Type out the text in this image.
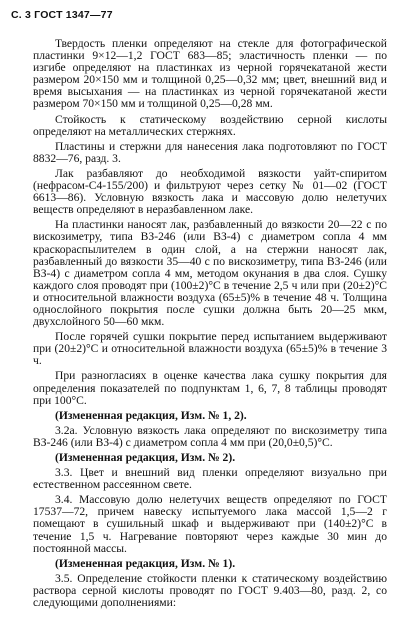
С. 3 ГОСТ 1347—77

Твердость пленки определяют на стекле для фотографической пластинки 9×12—1,2 ГОСТ 683—85; эластичность пленки — по изгибе определяют на пластинках из черной горячекатаной жести размером 20×150 мм и толщиной 0,25—0,32 мм; цвет, внешний вид и время высыхания — на пластинках из черной горячекатаной жести размером 70×150 мм и толщиной 0,25—0,28 мм.

Стойкость к статическому воздействию серной кислоты определяют на металлических стержнях.

Пластины и стержни для нанесения лака подготовляют по ГОСТ 8832—76, разд. 3.

Лак разбавляют до необходимой вязкости уайт-спиритом (нефрасом-С4-155/200) и фильтруют через сетку № 01—02 (ГОСТ 6613—86). Условную вязкость лака и массовую долю нелетучих веществ определяют в неразбавленном лаке.

На пластинки наносят лак, разбавленный до вязкости 20—22 с по вискозиметру, типа ВЗ-246 (или ВЗ-4) с диаметром сопла 4 мм краскораспылителем в один слой, а на стержни наносят лак, разбавленный до вязкости 35—40 с по вискозиметру, типа ВЗ-246 (или ВЗ-4) с диаметром сопла 4 мм, методом окунания в два слоя. Сушку каждого слоя проводят при (100±2)°С в течение 2,5 ч или при (20±2)°С и относительной влажности воздуха (65±5)% в течение 48 ч. Толщина однослойного покрытия после сушки должна быть 20—25 мкм, двухслойного 50—60 мкм.

После горячей сушки покрытие перед испытанием выдерживают при (20±2)°С и относительной влажности воздуха (65±5)% в течение 3 ч.

При разногласиях в оценке качества лака сушку покрытия для определения показателей по подпунктам 1, 6, 7, 8 таблицы проводят при 100°С.

(Измененная редакция, Изм. № 1, 2).

3.2а. Условную вязкость лака определяют по вискозиметру типа ВЗ-246 (или ВЗ-4) с диаметром сопла 4 мм при (20,0±0,5)°С.

(Измененная редакция, Изм. № 2).

3.3. Цвет и внешний вид пленки определяют визуально при естественном рассеянном свете.

3.4. Массовую долю нелетучих веществ определяют по ГОСТ 17537—72, причем навеску испытуемого лака массой 1,5—2 г помещают в сушильный шкаф и выдерживают при (140±2)°С в течение 1,5 ч. Нагревание повторяют через каждые 30 мин до постоянной массы.

(Измененная редакция, Изм. № 1).

3.5. Определение стойкости пленки к статическому воздействию раствора серной кислоты проводят по ГОСТ 9.403—80, разд. 2, со следующими дополнениями:
